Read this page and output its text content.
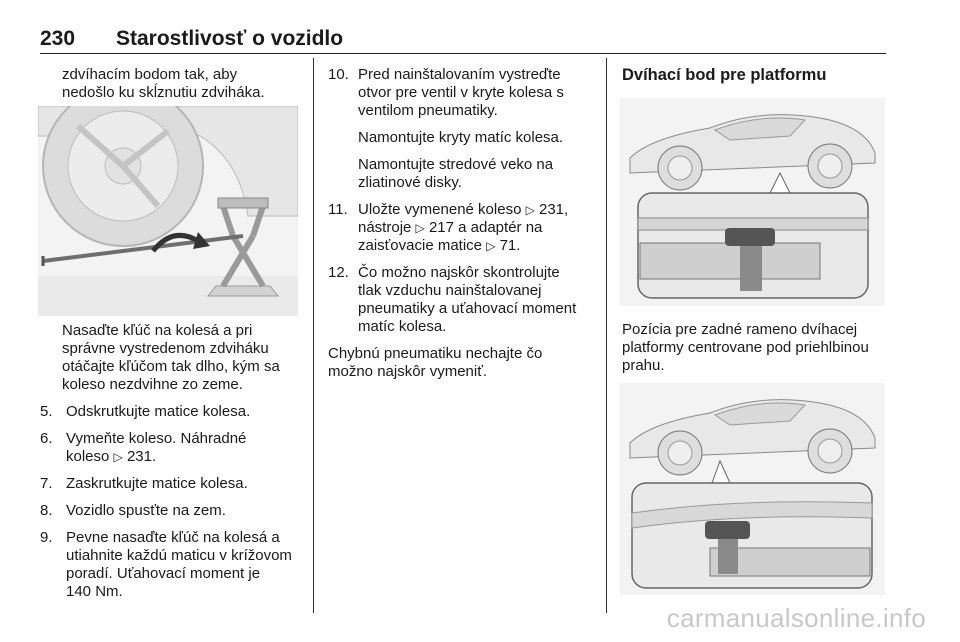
230 Starostlivosť o vozidlo
zdvíhacím bodom tak, aby
nedošlo ku skĺznutiu zdviháka.

Nasaďte kľúč na kolesá a pri
správne vystredenom zdviháku
otáčajte kľúčom tak dlho, kým sa
koleso nezdvihne zo zeme.

5. Odskrutkujte matice kolesa.
6. Vymeňte koleso. Náhradné
koleso ▷ 231.
7. Zaskrutkujte matice kolesa.
8. Vozidlo spusťte na zem.
9. Pevne nasaďte kľúč na kolesá a
utiahnite každú maticu v krížovom
poradí. Uťahovací moment je
140 Nm.
10. Pred nainštalovaním vystreďte
otvor pre ventil v kryte kolesa s
ventilom pneumatiky.
Namontujte kryty matíc kolesa.
Namontujte stredové veko na
zliatinové disky.
11. Uložte vymenené koleso ▷ 231,
nástroje ▷ 217 a adaptér na
zaisťovacie matice ▷ 71.
12. Čo možno najskôr skontrolujte
tlak vzduchu nainštalovanej
pneumatiky a uťahovací moment
matíc kolesa.

Chybnú pneumatiku nechajte čo
možno najskôr vymeniť.

Dvíhací bod pre platformu
Pozícia pre zadné rameno dvíhacej
platformy centrovane pod priehlbinou
prahu.
carmanualsonline.info
